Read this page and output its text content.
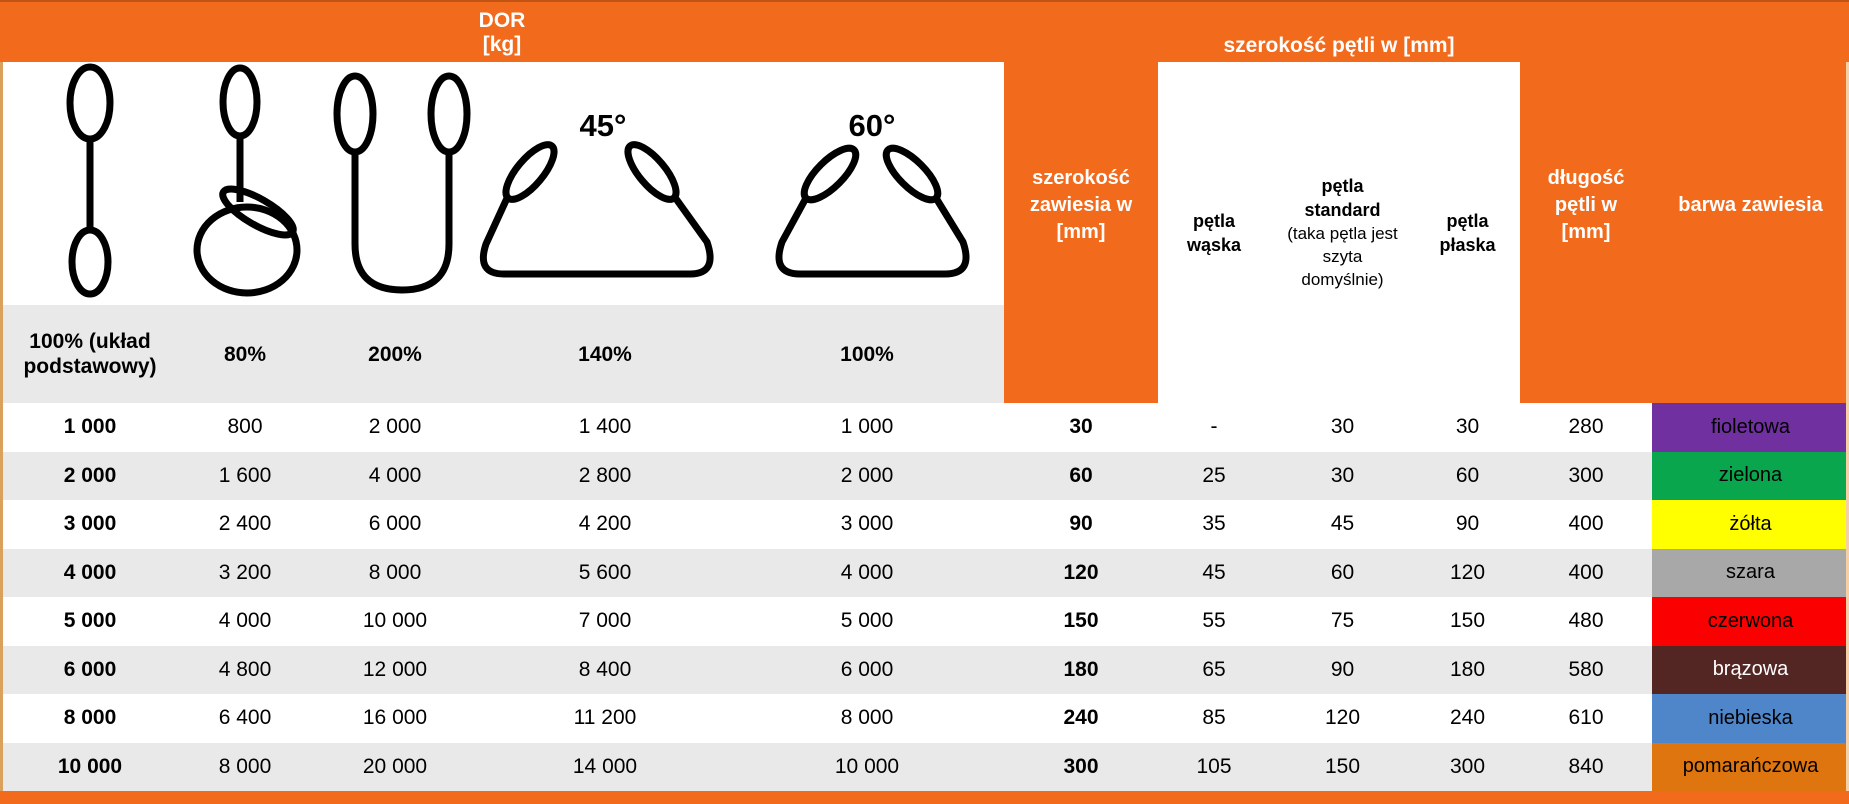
DOR
[kg]	szerokość pętli w [mm]
45°	60°
szerokość zawiesia w [mm]	pętla wąska
pętla standard
(taka pętla jest szyta domyślnie)
pętla płaska
długość pętli w [mm]
barwa zawiesia
100% (układ podstawowy)
80%	200%	140%	100%
1 000	800	2 000	1 400	1 000	30	-	30	30	280	fioletowa
2 000	1 600	4 000	2 800	2 000	60	25	30	60	300	zielona
3 000	2 400	6 000	4 200	3 000	90	35	45	90	400	żółta
4 000	3 200	8 000	5 600	4 000	120	45	60	120	400	szara
5 000	4 000	10 000	7 000	5 000	150	55	75	150	480	czerwona
6 000	4 800	12 000	8 400	6 000	180	65	90	180	580	brązowa
8 000	6 400	16 000	11 200	8 000	240	85	120	240	610	niebieska
10 000	8 000	20 000	14 000	10 000	300	105	150	300	840	pomarańczowa
